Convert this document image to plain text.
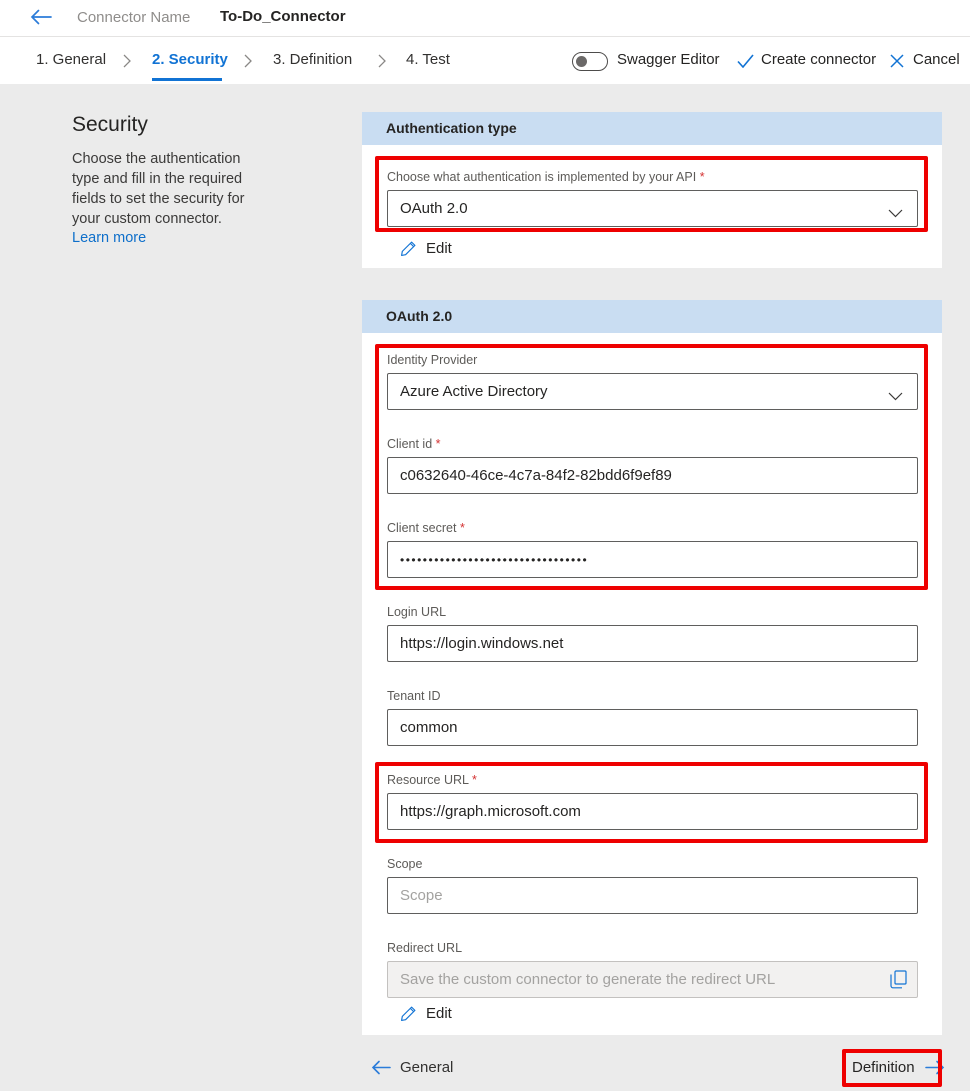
Connector Name To-Do_Connector
1. General	2. Security	3. Definition	4. Test	Swagger Editor	Create connector Cancel
Security
Choose the authentication type and fill in the required fields to set the security for your custom connector.
Learn more
Authentication type
Choose what authentication is implemented by your API *
OAuth 2.0
Edit
OAuth 2.0
Identity Provider
Azure Active Directory
Client id *
c0632640-46ce-4c7a-84f2-82bdd6f9ef89
Client secret *
•••••••••••••••••••••••••••••••••
Login URL
https://login.windows.net
Tenant ID
common
Resource URL *
https://graph.microsoft.com
Scope
Scope
Redirect URL
Save the custom connector to generate the redirect URL
Edit
General	Definition
